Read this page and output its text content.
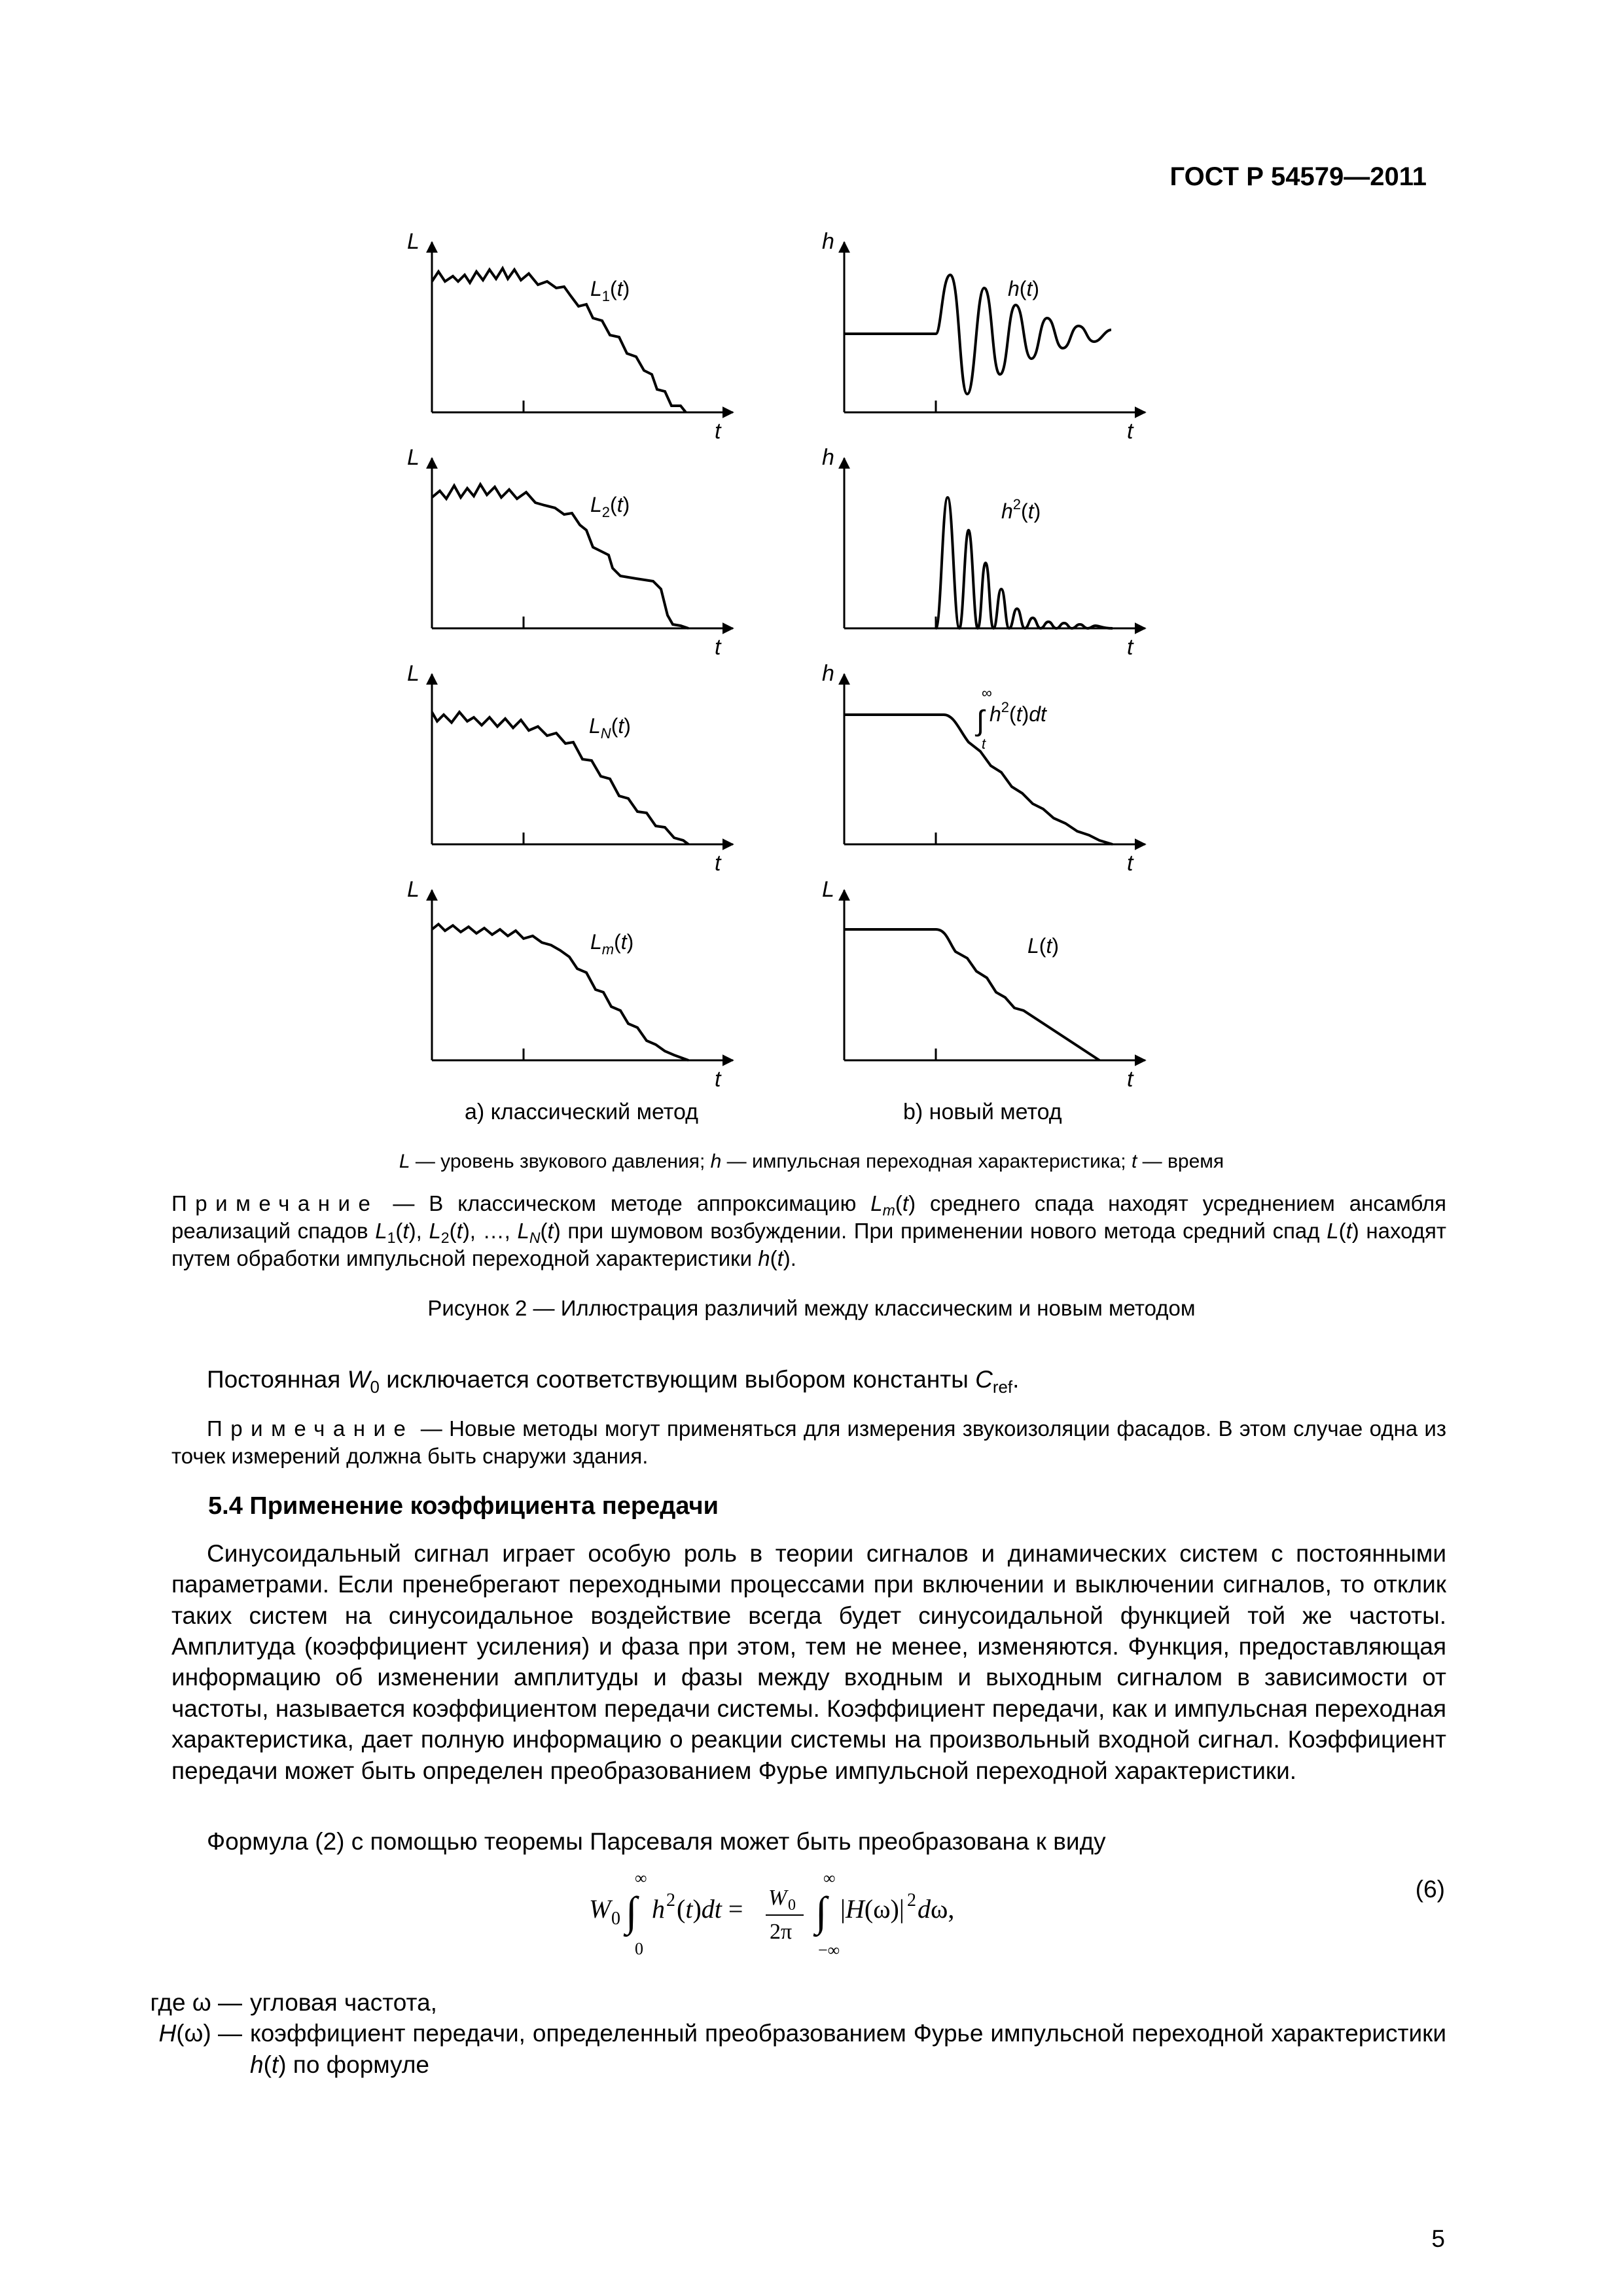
ГОСТ Р 54579—2011
L
t
$L_1(t)$
L
t
$L_2(t)$
L
t
$L_N(t)$
L
t
$L_m(t)$
a) классический метод
h
t
h(t)
h
t
$h^2(t)$
h
t
∞
∫ $h^2(t)dt$
t
L
t
L(t)
b) новый метод
L — уровень звукового давления; h — импульсная переходная характеристика; t — время
Примечание — В классическом методе аппроксимацию $L_m(t)$ среднего спада находят усреднением ансамбля реализаций спадов $L_1(t)$, $L_2(t)$, …, $L_N(t)$ при шумовом возбуждении. При применении нового метода средний спад L(t) находят путем обработки импульсной переходной характеристики h(t).
Рисунок 2 — Иллюстрация различий между классическим и новым методом
Постоянная $W_0$ исключается соответствующим выбором константы $C_{ref}$.
Примечание — Новые методы могут применяться для измерения звукоизоляции фасадов. В этом случае одна из точек измерений должна быть снаружи здания.
5.4 Применение коэффициента передачи
Синусоидальный сигнал играет особую роль в теории сигналов и динамических систем с постоянными параметрами. Если пренебрегают переходными процессами при включении и выключении сигналов, то отклик таких систем на синусоидальное воздействие всегда будет синусоидальной функцией той же частоты. Амплитуда (коэффициент усиления) и фаза при этом, тем не менее, изменяются. Функция, предоставляющая информацию об изменении амплитуды и фазы между входным и выходным сигналом в зависимости от частоты, называется коэффициентом передачи системы. Коэффициент передачи, как и импульсная переходная характеристика, дает полную информацию о реакции системы на произвольный входной сигнал. Коэффициент передачи может быть определен преобразованием Фурье импульсной переходной характеристики.
Формула (2) с помощью теоремы Парсеваля может быть преобразована к виду
W 0 ∫
∞
0
h 2 (t)dt = W 0
2π ∫
∞
−∞
|H(ω)| 2 dω,
(6)
где ω — угловая частота,
H(ω) — коэффициент передачи, определенный преобразованием Фурье импульсной переходной характеристики h(t) по формуле
5
